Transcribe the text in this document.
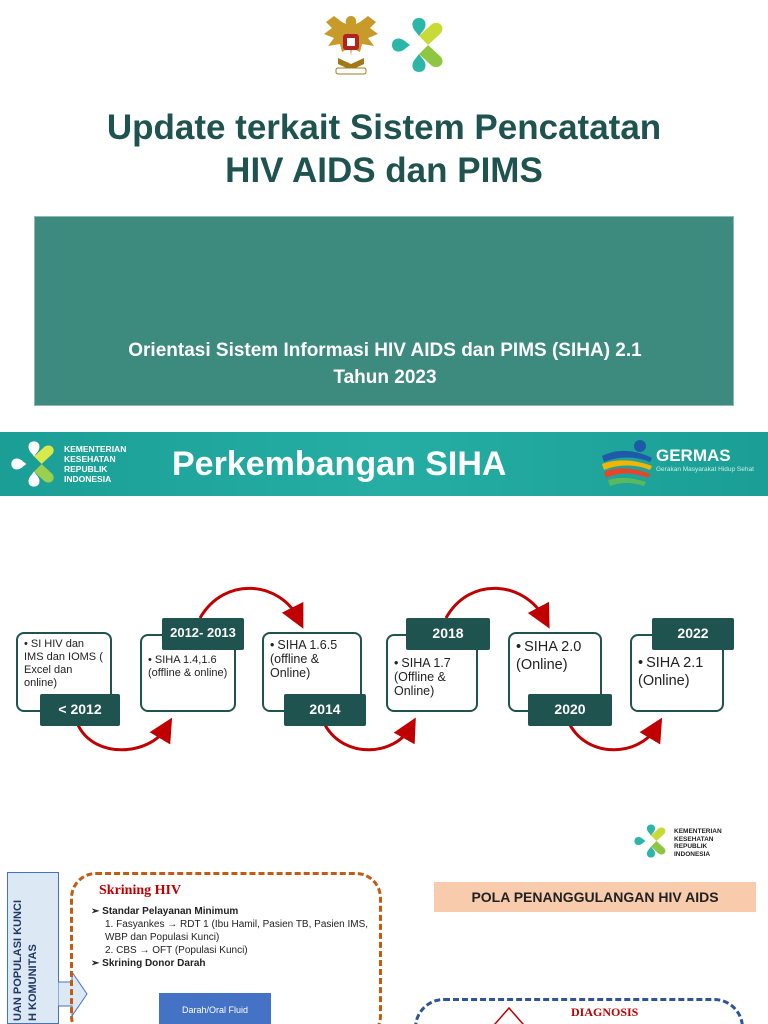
Update terkait Sistem Pencatatan
HIV AIDS dan PIMS
Orientasi Sistem Informasi HIV AIDS dan PIMS (SIHA) 2.1
Tahun 2023
KEMENTERIAN
KESEHATAN
REPUBLIK
INDONESIA	Perkembangan SIHA	GERMAS
Gerakan Masyarakat Hidup Sehat
• SI HIV dan IMS dan IOMS ( Excel dan online)
< 2012
• SIHA 1.4,1.6 (offline & online)
2012- 2013
• SIHA 1.6.5 (offline & Online)
2014
• SIHA 1.7 (Offline & Online)
2018
• SIHA 2.0 (Online)
2020
• SIHA 2.1 (Online)
2022
KEMENTERIAN
KESEHATAN
REPUBLIK
INDONESIA
UAN POPULASI KUNCI H KOMUNITAS
Skrining HIV
➢ Standar Pelayanan Minimum
1. Fasyankes → RDT 1 (Ibu Hamil, Pasien TB, Pasien IMS, WBP dan Populasi Kunci)
2. CBS → OFT (Populasi Kunci)
➢ Skrining Donor Darah
Darah/Oral Fluid
POLA PENANGGULANGAN HIV AIDS
DIAGNOSIS
